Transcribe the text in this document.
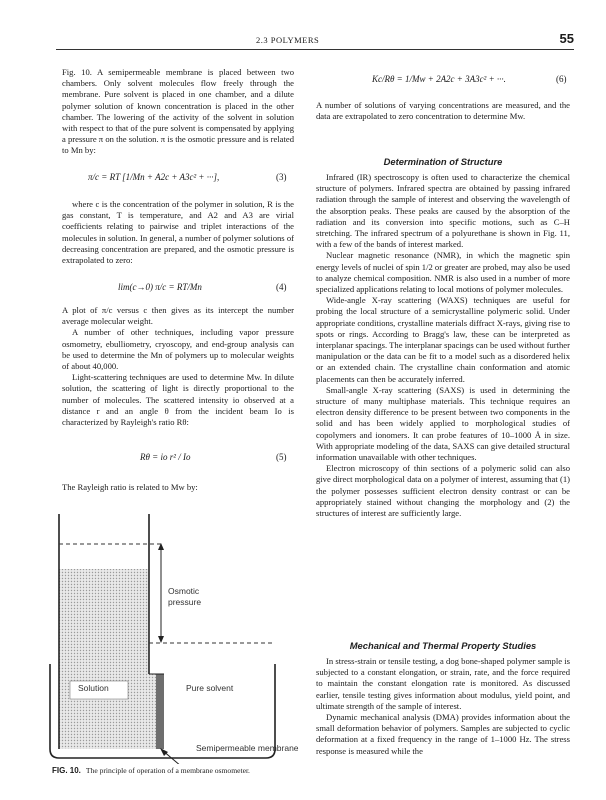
2.3 POLYMERS	55

Fig. 10. A semipermeable membrane is placed between two chambers. Only solvent molecules flow freely through the membrane. Pure solvent is placed in one chamber, and a dilute polymer solution of known concentration is placed in the other chamber. The lowering of the activity of the solvent in solution with respect to that of the pure solvent is compensated by applying a pressure π on the solution. π is the osmotic pressure and is related to Mn by:

π/c = RT [1/Mn + A2c + A3c² + ···],	(3)

where c is the concentration of the polymer in solution, R is the gas constant, T is temperature, and A2 and A3 are virial coefficients relating to pairwise and triplet interactions of the molecules in solution. In general, a number of polymer solutions of decreasing concentration are prepared, and the osmotic pressure is extrapolated to zero:

lim(c→0) π/c = RT/Mn	(4)

A plot of π/c versus c then gives as its intercept the number average molecular weight.

A number of other techniques, including vapor pressure osmometry, ebulliometry, cryoscopy, and end-group analysis can be used to determine the Mn of polymers up to molecular weights of about 40,000.

Light-scattering techniques are used to determine Mw. In dilute solution, the scattering of light is directly proportional to the number of molecules. The scattered intensity io observed at a distance r and an angle θ from the incident beam Io is characterized by Rayleigh's ratio Rθ:

Rθ = io r² / Io	(5)

The Rayleigh ratio is related to Mw by:

Osmotic
pressure
Solution	Pure solvent
Semipermeable membrane
FIG. 10. The principle of operation of a membrane osmometer.
Kc/Rθ = 1/Mw + 2A2c + 3A3c² + ···.	(6)

A number of solutions of varying concentrations are measured, and the data are extrapolated to zero concentration to determine Mw.

Determination of Structure

Infrared (IR) spectroscopy is often used to characterize the chemical structure of polymers. Infrared spectra are obtained by passing infrared radiation through the sample of interest and observing the wavelength of the absorption peaks. These peaks are caused by the absorption of the radiation and its conversion into specific motions, such as C–H stretching. The infrared spectrum of a polyurethane is shown in Fig. 11, with a few of the bands of interest marked.

Nuclear magnetic resonance (NMR), in which the magnetic spin energy levels of nuclei of spin 1/2 or greater are probed, may also be used to analyze chemical composition. NMR is also used in a number of more specialized applications relating to local motions of polymer molecules.

Wide-angle X-ray scattering (WAXS) techniques are useful for probing the local structure of a semicrystalline polymeric solid. Under appropriate conditions, crystalline materials diffract X-rays, giving rise to spots or rings. According to Bragg's law, these can be interpreted as interplanar spacings. The interplanar spacings can be used without further manipulation or the data can be fit to a model such as a disordered helix or an extended chain. The crystalline chain conformation and atomic placements can then be accurately inferred.

Small-angle X-ray scattering (SAXS) is used in determining the structure of many multiphase materials. This technique requires an electron density difference to be present between two components in the solid and has been widely applied to morphological studies of copolymers and ionomers. It can probe features of 10–1000 Å in size. With appropriate modeling of the data, SAXS can give detailed structural information unavailable with other techniques.

Electron microscopy of thin sections of a polymeric solid can also give direct morphological data on a polymer of interest, assuming that (1) the polymer possesses sufficient electron density contrast or can be appropriately stained without changing the morphology and (2) the structures of interest are sufficiently large.

Mechanical and Thermal Property Studies

In stress-strain or tensile testing, a dog bone-shaped polymer sample is subjected to a constant elongation, or strain, rate, and the force required to maintain the constant elongation rate is monitored. As discussed earlier, tensile testing gives information about modulus, yield point, and ultimate strength of the sample of interest.

Dynamic mechanical analysis (DMA) provides information about the small deformation behavior of polymers. Samples are subjected to cyclic deformation at a fixed frequency in the range of 1–1000 Hz. The stress response is measured while the
